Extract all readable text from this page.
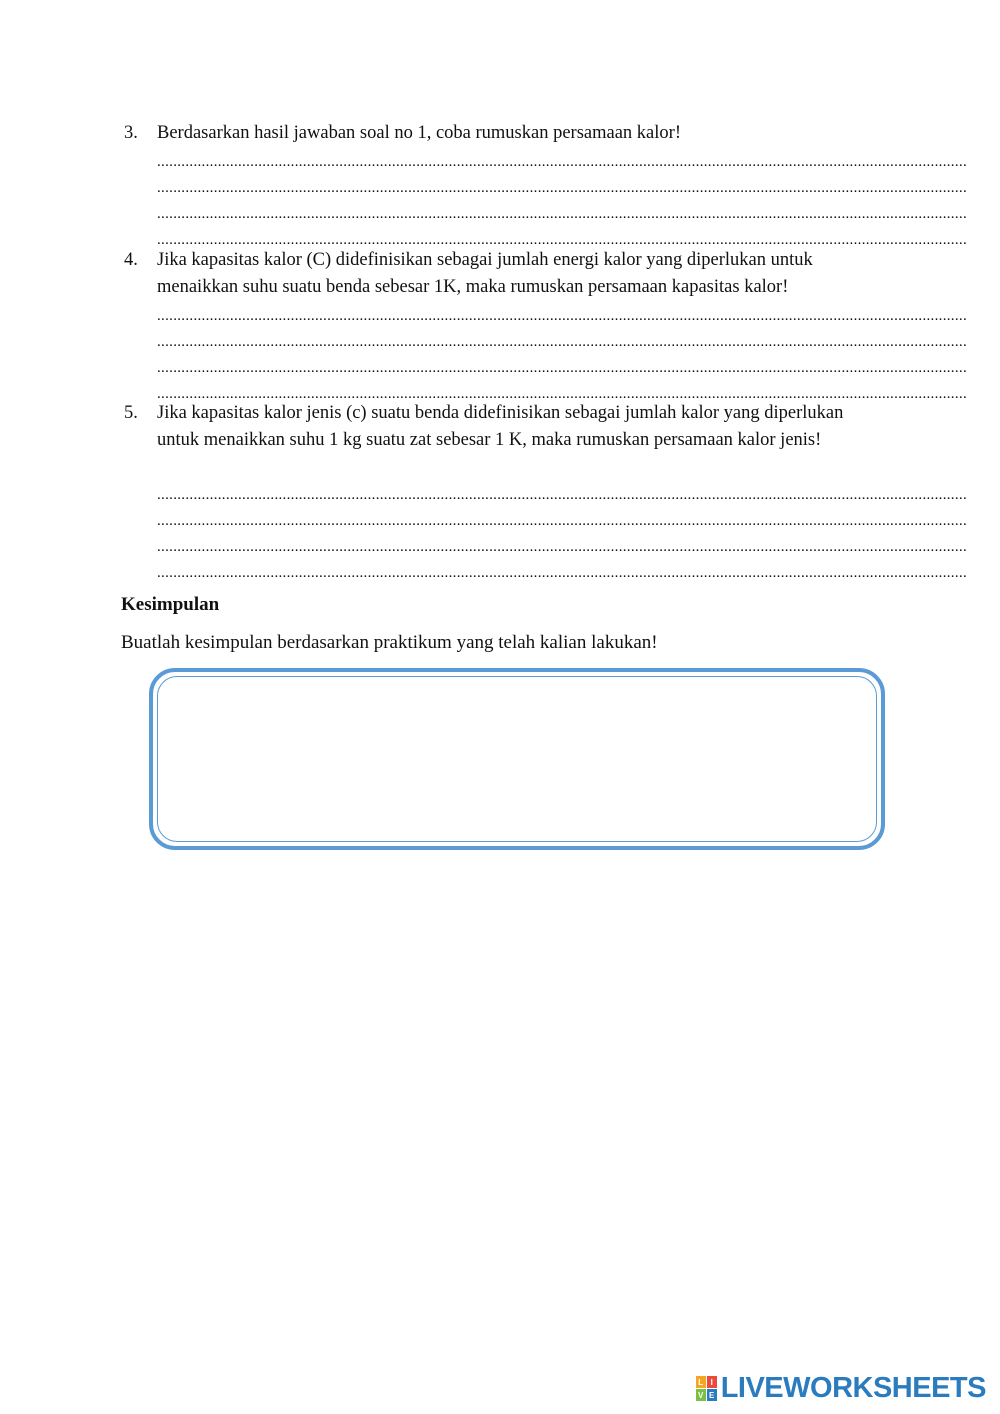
3.	Berdasarkan hasil jawaban soal no 1, coba rumuskan persamaan kalor!
........................................................................................................................................................................................................
........................................................................................................................................................................................................
........................................................................................................................................................................................................
........................................................................................................................................................................................................
4.	Jika kapasitas kalor (C) didefinisikan sebagai jumlah energi kalor yang diperlukan untuk menaikkan suhu suatu benda sebesar 1K, maka rumuskan persamaan kapasitas kalor!
........................................................................................................................................................................................................
........................................................................................................................................................................................................
........................................................................................................................................................................................................
........................................................................................................................................................................................................
5.	Jika kapasitas kalor jenis (c) suatu benda didefinisikan sebagai jumlah kalor yang diperlukan untuk menaikkan suhu 1 kg suatu zat sebesar 1 K, maka rumuskan persamaan kalor jenis!
........................................................................................................................................................................................................
........................................................................................................................................................................................................
........................................................................................................................................................................................................
........................................................................................................................................................................................................
Kesimpulan
Buatlah kesimpulan berdasarkan praktikum yang telah kalian lakukan!
L I
V E LIVEWORKSHEETS
